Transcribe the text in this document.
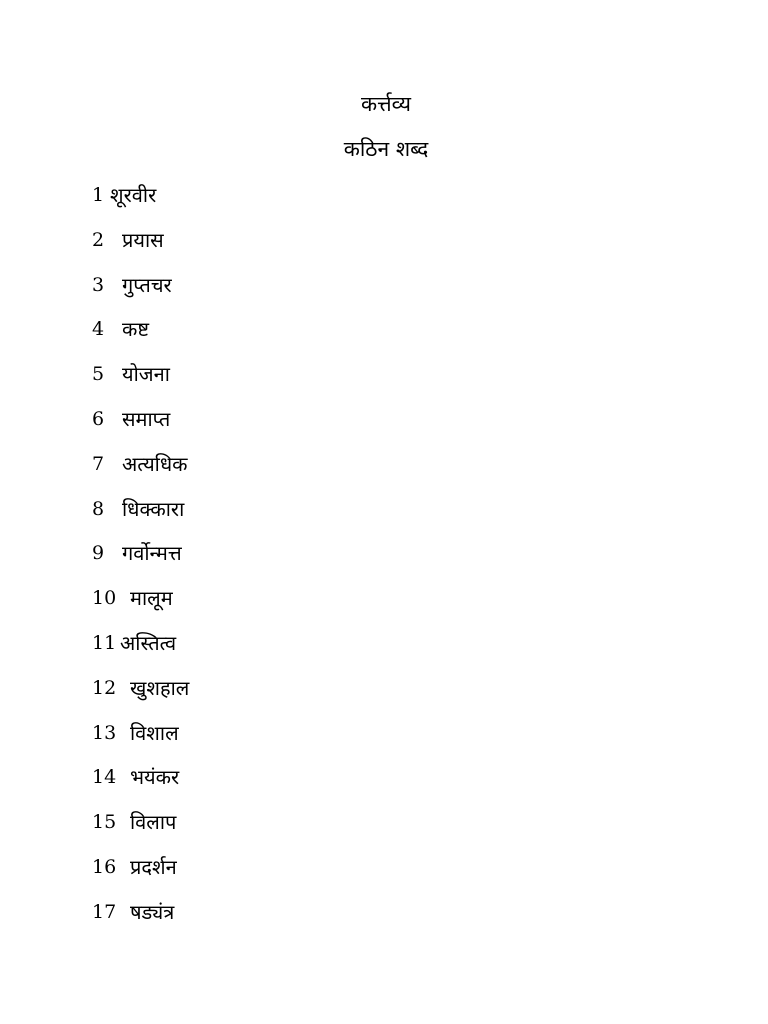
कर्त्तव्य
कठिन शब्द
1 शूरवीर
2 प्रयास
3 गुप्तचर
4 कष्ट
5 योजना
6 समाप्त
7 अत्यधिक
8 धिक्कारा
9 गर्वोन्मत्त
10 मालूम
11 अस्तित्व
12 खुशहाल
13 विशाल
14 भयंकर
15 विलाप
16 प्रदर्शन
17 षड्यंत्र
